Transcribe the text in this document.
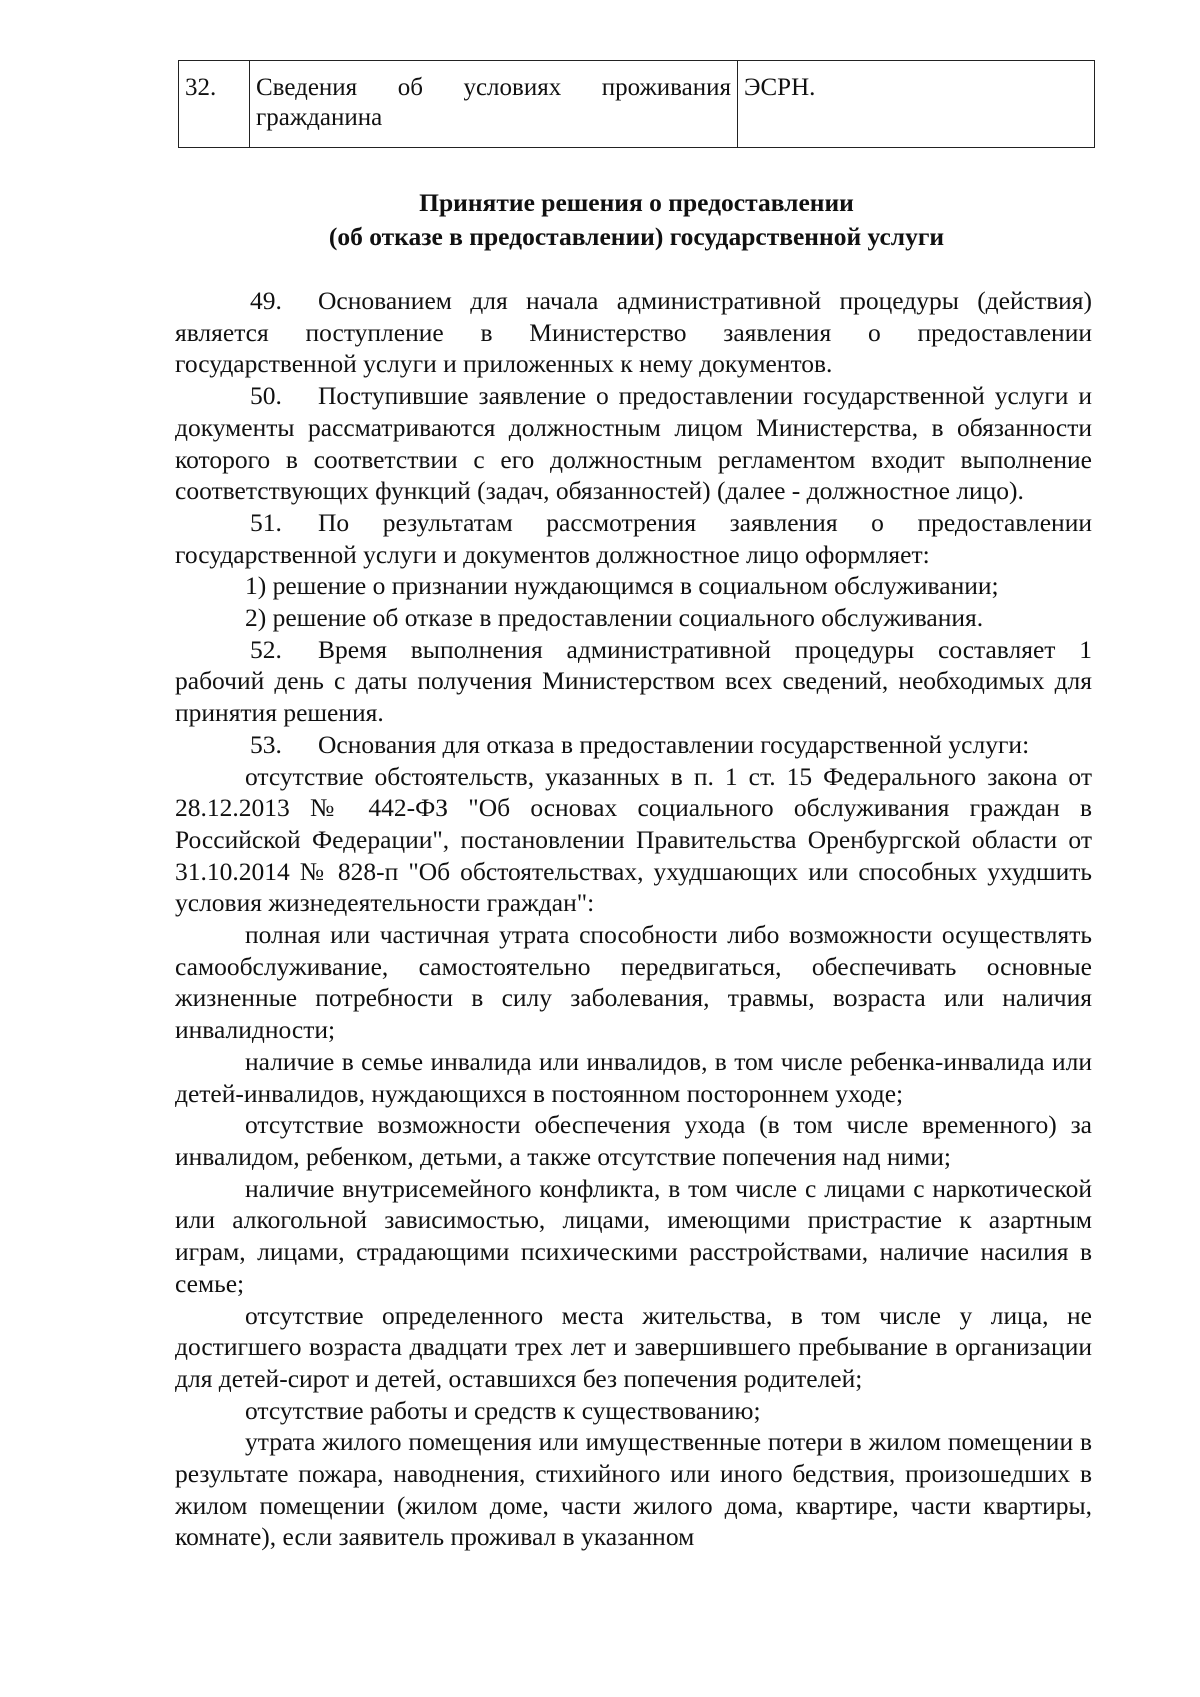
32.	Сведения об условиях проживания гражданина	ЭСРН.
Принятие решения о предоставлении
(об отказе в предоставлении) государственной услуги

49. Основанием для начала административной процедуры (действия) является поступление в Министерство заявления о предоставлении государственной услуги и приложенных к нему документов.

50. Поступившие заявление о предоставлении государственной услуги и документы рассматриваются должностным лицом Министерства, в обязанности которого в соответствии с его должностным регламентом входит выполнение соответствующих функций (задач, обязанностей) (далее - должностное лицо).

51. По результатам рассмотрения заявления о предоставлении государственной услуги и документов должностное лицо оформляет:

1) решение о признании нуждающимся в социальном обслуживании;

2) решение об отказе в предоставлении социального обслуживания.

52. Время выполнения административной процедуры составляет 1 рабочий день с даты получения Министерством всех сведений, необходимых для принятия решения.

53. Основания для отказа в предоставлении государственной услуги:

отсутствие обстоятельств, указанных в п. 1 ст. 15 Федерального закона от 28.12.2013 № 442-ФЗ "Об основах социального обслуживания граждан в Российской Федерации", постановлении Правительства Оренбургской области от 31.10.2014 № 828-п "Об обстоятельствах, ухудшающих или способных ухудшить условия жизнедеятельности граждан":

полная или частичная утрата способности либо возможности осуществлять самообслуживание, самостоятельно передвигаться, обеспечивать основные жизненные потребности в силу заболевания, травмы, возраста или наличия инвалидности;

наличие в семье инвалида или инвалидов, в том числе ребенка-инвалида или детей-инвалидов, нуждающихся в постоянном постороннем уходе;

отсутствие возможности обеспечения ухода (в том числе временного) за инвалидом, ребенком, детьми, а также отсутствие попечения над ними;

наличие внутрисемейного конфликта, в том числе с лицами с наркотической или алкогольной зависимостью, лицами, имеющими пристрастие к азартным играм, лицами, страдающими психическими расстройствами, наличие насилия в семье;

отсутствие определенного места жительства, в том числе у лица, не достигшего возраста двадцати трех лет и завершившего пребывание в организации для детей-сирот и детей, оставшихся без попечения родителей;

отсутствие работы и средств к существованию;

утрата жилого помещения или имущественные потери в жилом помещении в результате пожара, наводнения, стихийного или иного бедствия, произошедших в жилом помещении (жилом доме, части жилого дома, квартире, части квартиры, комнате), если заявитель проживал в указанном
